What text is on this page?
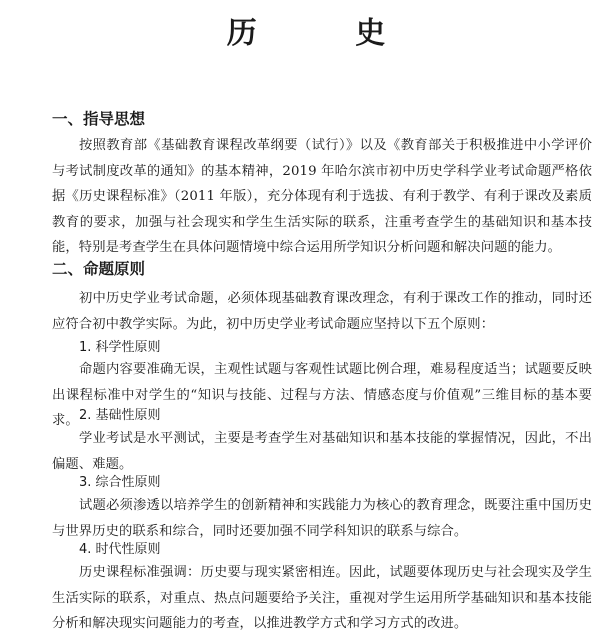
历 史
一、指导思想
按照教育部《基础教育课程改革纲要（试行）》以及《教育部关于积极推进中小学评价与考试制度改革的通知》的基本精神，2019 年哈尔滨市初中历史学科学业考试命题严格依据《历史课程标准》（2011 年版），充分体现有利于选拔、有利于教学、有利于课改及素质教育的要求，加强与社会现实和学生生活实际的联系，注重考查学生的基础知识和基本技能，特别是考查学生在具体问题情境中综合运用所学知识分析问题和解决问题的能力。
二、命题原则
初中历史学业考试命题，必须体现基础教育课改理念，有利于课改工作的推动，同时还应符合初中教学实际。为此，初中历史学业考试命题应坚持以下五个原则：
1. 科学性原则
命题内容要准确无误，主观性试题与客观性试题比例合理，难易程度适当；试题要反映出课程标准中对学生的“知识与技能、过程与方法、情感态度与价值观”三维目标的基本要求。 2. 基础性原则
学业考试是水平测试，主要是考查学生对基础知识和基本技能的掌握情况，因此，不出偏题、难题。
3. 综合性原则
试题必须渗透以培养学生的创新精神和实践能力为核心的教育理念，既要注重中国历史与世界历史的联系和综合，同时还要加强不同学科知识的联系与综合。
4. 时代性原则
历史课程标准强调：历史要与现实紧密相连。因此，试题要体现历史与社会现实及学生生活实际的联系，对重点、热点问题要给予关注，重视对学生运用所学基础知识和基本技能分析和解决现实问题能力的考查，以推进教学方式和学习方式的改进。
